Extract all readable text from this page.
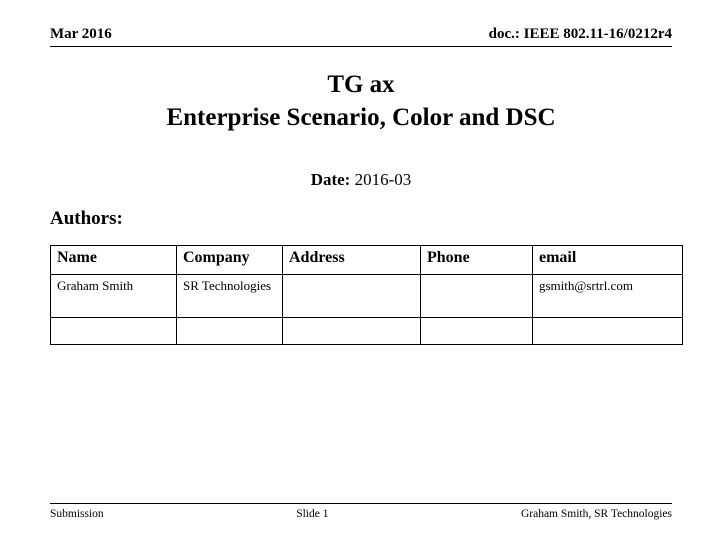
Mar 2016	doc.: IEEE 802.11-16/0212r4
TG ax
Enterprise Scenario, Color and DSC
Date: 2016-03
Authors:
Name	Company	Address	Phone	email
Graham Smith	SR Technologies			gsmith@srtrl.com

Submission	Slide 1	Graham Smith, SR Technologies
